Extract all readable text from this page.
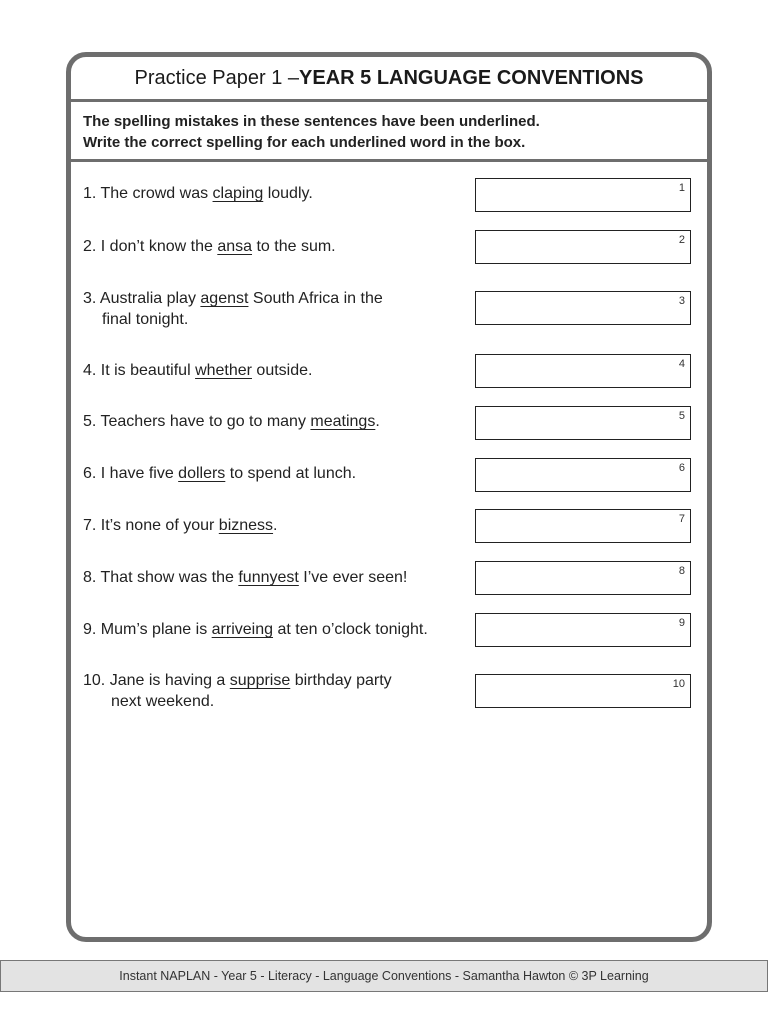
Practice Paper 1 – YEAR 5 LANGUAGE CONVENTIONS
The spelling mistakes in these sentences have been underlined.
Write the correct spelling for each underlined word in the box.
1. The crowd was claping loudly.	1
2. I don’t know the ansa to the sum.	2
3. Australia play agenst South Africa in the
final tonight.
3
4. It is beautiful whether outside.	4
5. Teachers have to go to many meatings.	5
6. I have five dollers to spend at lunch.	6
7. It’s none of your bizness.	7
8. That show was the funnyest I’ve ever seen!	8
9. Mum’s plane is arriveing at ten o’clock tonight.	9
10. Jane is having a supprise birthday party
next weekend.
10
Instant NAPLAN - Year 5 - Literacy - Language Conventions - Samantha Hawton © 3P Learning
